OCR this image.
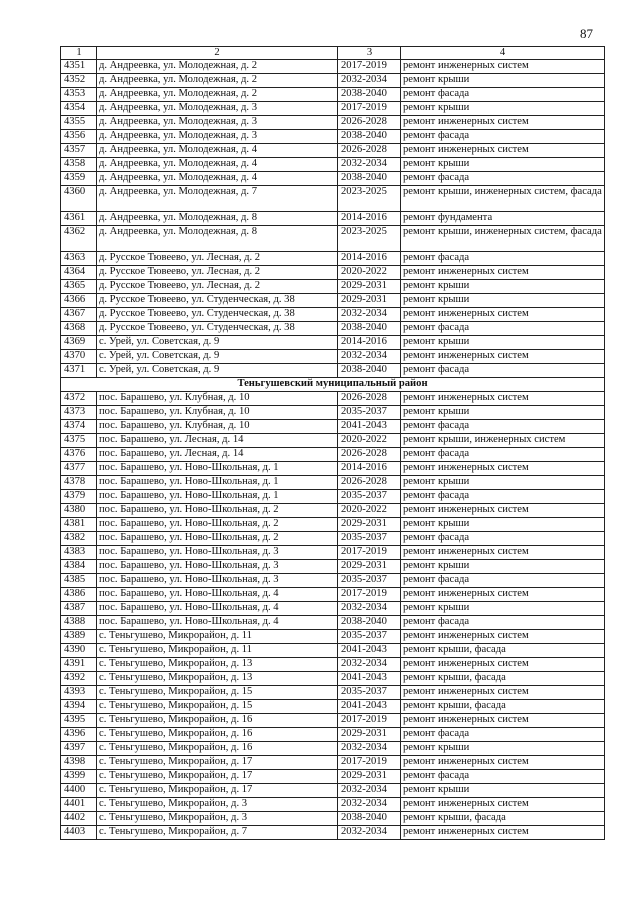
87
1	2	3	4
4351	д. Андреевка, ул. Молодежная, д. 2	2017-2019	ремонт инженерных систем
4352	д. Андреевка, ул. Молодежная, д. 2	2032-2034	ремонт крыши
4353	д. Андреевка, ул. Молодежная, д. 2	2038-2040	ремонт фасада
4354	д. Андреевка, ул. Молодежная, д. 3	2017-2019	ремонт крыши
4355	д. Андреевка, ул. Молодежная, д. 3	2026-2028	ремонт инженерных систем
4356	д. Андреевка, ул. Молодежная, д. 3	2038-2040	ремонт фасада
4357	д. Андреевка, ул. Молодежная, д. 4	2026-2028	ремонт инженерных систем
4358	д. Андреевка, ул. Молодежная, д. 4	2032-2034	ремонт крыши
4359	д. Андреевка, ул. Молодежная, д. 4	2038-2040	ремонт фасада
4360	д. Андреевка, ул. Молодежная, д. 7	2023-2025	ремонт крыши, инженерных систем, фасада
4361	д. Андреевка, ул. Молодежная, д. 8	2014-2016	ремонт фундамента
4362	д. Андреевка, ул. Молодежная, д. 8	2023-2025	ремонт крыши, инженерных систем, фасада
4363	д. Русское Тювеево, ул. Лесная, д. 2	2014-2016	ремонт фасада
4364	д. Русское Тювеево, ул. Лесная, д. 2	2020-2022	ремонт инженерных систем
4365	д. Русское Тювеево, ул. Лесная, д. 2	2029-2031	ремонт крыши
4366	д. Русское Тювеево, ул. Студенческая, д. 38	2029-2031	ремонт крыши
4367	д. Русское Тювеево, ул. Студенческая, д. 38	2032-2034	ремонт инженерных систем
4368	д. Русское Тювеево, ул. Студенческая, д. 38	2038-2040	ремонт фасада
4369	с. Урей, ул. Советская, д. 9	2014-2016	ремонт крыши
4370	с. Урей, ул. Советская, д. 9	2032-2034	ремонт инженерных систем
4371	с. Урей, ул. Советская, д. 9	2038-2040	ремонт фасада
Теньгушевский муниципальный район			
4372	пос. Барашево, ул. Клубная, д. 10	2026-2028	ремонт инженерных систем
4373	пос. Барашево, ул. Клубная, д. 10	2035-2037	ремонт крыши
4374	пос. Барашево, ул. Клубная, д. 10	2041-2043	ремонт фасада
4375	пос. Барашево, ул. Лесная, д. 14	2020-2022	ремонт крыши, инженерных систем
4376	пос. Барашево, ул. Лесная, д. 14	2026-2028	ремонт фасада
4377	пос. Барашево, ул. Ново-Школьная, д. 1	2014-2016	ремонт инженерных систем
4378	пос. Барашево, ул. Ново-Школьная, д. 1	2026-2028	ремонт крыши
4379	пос. Барашево, ул. Ново-Школьная, д. 1	2035-2037	ремонт фасада
4380	пос. Барашево, ул. Ново-Школьная, д. 2	2020-2022	ремонт инженерных систем
4381	пос. Барашево, ул. Ново-Школьная, д. 2	2029-2031	ремонт крыши
4382	пос. Барашево, ул. Ново-Школьная, д. 2	2035-2037	ремонт фасада
4383	пос. Барашево, ул. Ново-Школьная, д. 3	2017-2019	ремонт инженерных систем
4384	пос. Барашево, ул. Ново-Школьная, д. 3	2029-2031	ремонт крыши
4385	пос. Барашево, ул. Ново-Школьная, д. 3	2035-2037	ремонт фасада
4386	пос. Барашево, ул. Ново-Школьная, д. 4	2017-2019	ремонт инженерных систем
4387	пос. Барашево, ул. Ново-Школьная, д. 4	2032-2034	ремонт крыши
4388	пос. Барашево, ул. Ново-Школьная, д. 4	2038-2040	ремонт фасада
4389	с. Теньгушево, Микрорайон, д. 11	2035-2037	ремонт инженерных систем
4390	с. Теньгушево, Микрорайон, д. 11	2041-2043	ремонт крыши, фасада
4391	с. Теньгушево, Микрорайон, д. 13	2032-2034	ремонт инженерных систем
4392	с. Теньгушево, Микрорайон, д. 13	2041-2043	ремонт крыши, фасада
4393	с. Теньгушево, Микрорайон, д. 15	2035-2037	ремонт инженерных систем
4394	с. Теньгушево, Микрорайон, д. 15	2041-2043	ремонт крыши, фасада
4395	с. Теньгушево, Микрорайон, д. 16	2017-2019	ремонт инженерных систем
4396	с. Теньгушево, Микрорайон, д. 16	2029-2031	ремонт фасада
4397	с. Теньгушево, Микрорайон, д. 16	2032-2034	ремонт крыши
4398	с. Теньгушево, Микрорайон, д. 17	2017-2019	ремонт инженерных систем
4399	с. Теньгушево, Микрорайон, д. 17	2029-2031	ремонт фасада
4400	с. Теньгушево, Микрорайон, д. 17	2032-2034	ремонт крыши
4401	с. Теньгушево, Микрорайон, д. 3	2032-2034	ремонт инженерных систем
4402	с. Теньгушево, Микрорайон, д. 3	2038-2040	ремонт крыши, фасада
4403	с. Теньгушево, Микрорайон, д. 7	2032-2034	ремонт инженерных систем
